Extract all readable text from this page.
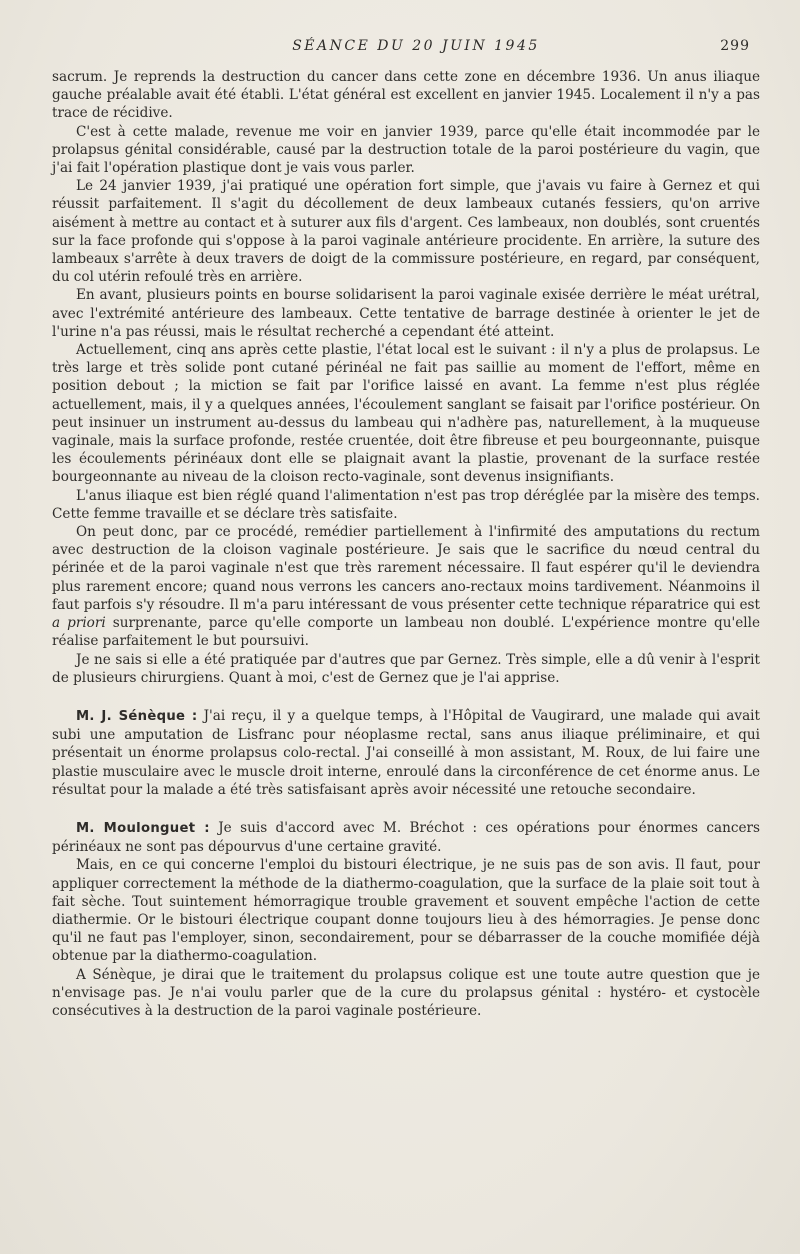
SÉANCE DU 20 JUIN 1945	299

sacrum. Je reprends la destruction du cancer dans cette zone en décembre 1936. Un anus iliaque gauche préalable avait été établi. L'état général est excellent en janvier 1945. Localement il n'y a pas trace de récidive.

C'est à cette malade, revenue me voir en janvier 1939, parce qu'elle était incommodée par le prolapsus génital considérable, causé par la destruction totale de la paroi postérieure du vagin, que j'ai fait l'opération plastique dont je vais vous parler.

Le 24 janvier 1939, j'ai pratiqué une opération fort simple, que j'avais vu faire à Gernez et qui réussit parfaitement. Il s'agit du décollement de deux lambeaux cutanés fessiers, qu'on arrive aisément à mettre au contact et à suturer aux fils d'argent. Ces lambeaux, non doublés, sont cruentés sur la face profonde qui s'oppose à la paroi vaginale antérieure procidente. En arrière, la suture des lambeaux s'arrête à deux travers de doigt de la commissure postérieure, en regard, par conséquent, du col utérin refoulé très en arrière.

En avant, plusieurs points en bourse solidarisent la paroi vaginale exisée derrière le méat urétral, avec l'extrémité antérieure des lambeaux. Cette tentative de barrage destinée à orienter le jet de l'urine n'a pas réussi, mais le résultat recherché a cependant été atteint.

Actuellement, cinq ans après cette plastie, l'état local est le suivant : il n'y a plus de prolapsus. Le très large et très solide pont cutané périnéal ne fait pas saillie au moment de l'effort, même en position debout ; la miction se fait par l'orifice laissé en avant. La femme n'est plus réglée actuellement, mais, il y a quelques années, l'écoulement sanglant se faisait par l'orifice postérieur. On peut insinuer un instrument au-dessus du lambeau qui n'adhère pas, naturellement, à la muqueuse vaginale, mais la surface profonde, restée cruentée, doit être fibreuse et peu bourgeonnante, puisque les écoulements périnéaux dont elle se plaignait avant la plastie, provenant de la surface restée bourgeonnante au niveau de la cloison recto-vaginale, sont devenus insignifiants.

L'anus iliaque est bien réglé quand l'alimentation n'est pas trop déréglée par la misère des temps. Cette femme travaille et se déclare très satisfaite.

On peut donc, par ce procédé, remédier partiellement à l'infirmité des amputations du rectum avec destruction de la cloison vaginale postérieure. Je sais que le sacrifice du nœud central du périnée et de la paroi vaginale n'est que très rarement nécessaire. Il faut espérer qu'il le deviendra plus rarement encore; quand nous verrons les cancers ano-rectaux moins tardivement. Néanmoins il faut parfois s'y résoudre. Il m'a paru intéressant de vous présenter cette technique réparatrice qui est a priori surprenante, parce qu'elle comporte un lambeau non doublé. L'expérience montre qu'elle réalise parfaitement le but poursuivi.

Je ne sais si elle a été pratiquée par d'autres que par Gernez. Très simple, elle a dû venir à l'esprit de plusieurs chirurgiens. Quant à moi, c'est de Gernez que je l'ai apprise.

M. J. Sénèque : J'ai reçu, il y a quelque temps, à l'Hôpital de Vaugirard, une malade qui avait subi une amputation de Lisfranc pour néoplasme rectal, sans anus iliaque préliminaire, et qui présentait un énorme prolapsus colo-rectal. J'ai conseillé à mon assistant, M. Roux, de lui faire une plastie musculaire avec le muscle droit interne, enroulé dans la circonférence de cet énorme anus. Le résultat pour la malade a été très satisfaisant après avoir nécessité une retouche secondaire.

M. Moulonguet : Je suis d'accord avec M. Bréchot : ces opérations pour énormes cancers périnéaux ne sont pas dépourvus d'une certaine gravité.

Mais, en ce qui concerne l'emploi du bistouri électrique, je ne suis pas de son avis. Il faut, pour appliquer correctement la méthode de la diathermo-coagulation, que la surface de la plaie soit tout à fait sèche. Tout suintement hémorragique trouble gravement et souvent empêche l'action de cette diathermie. Or le bistouri électrique coupant donne toujours lieu à des hémorragies. Je pense donc qu'il ne faut pas l'employer, sinon, secondairement, pour se débarrasser de la couche momifiée déjà obtenue par la diathermo-coagulation.

A Sénèque, je dirai que le traitement du prolapsus colique est une toute autre question que je n'envisage pas. Je n'ai voulu parler que de la cure du prolapsus génital : hystéro- et cystocèle consécutives à la destruction de la paroi vaginale postérieure.
